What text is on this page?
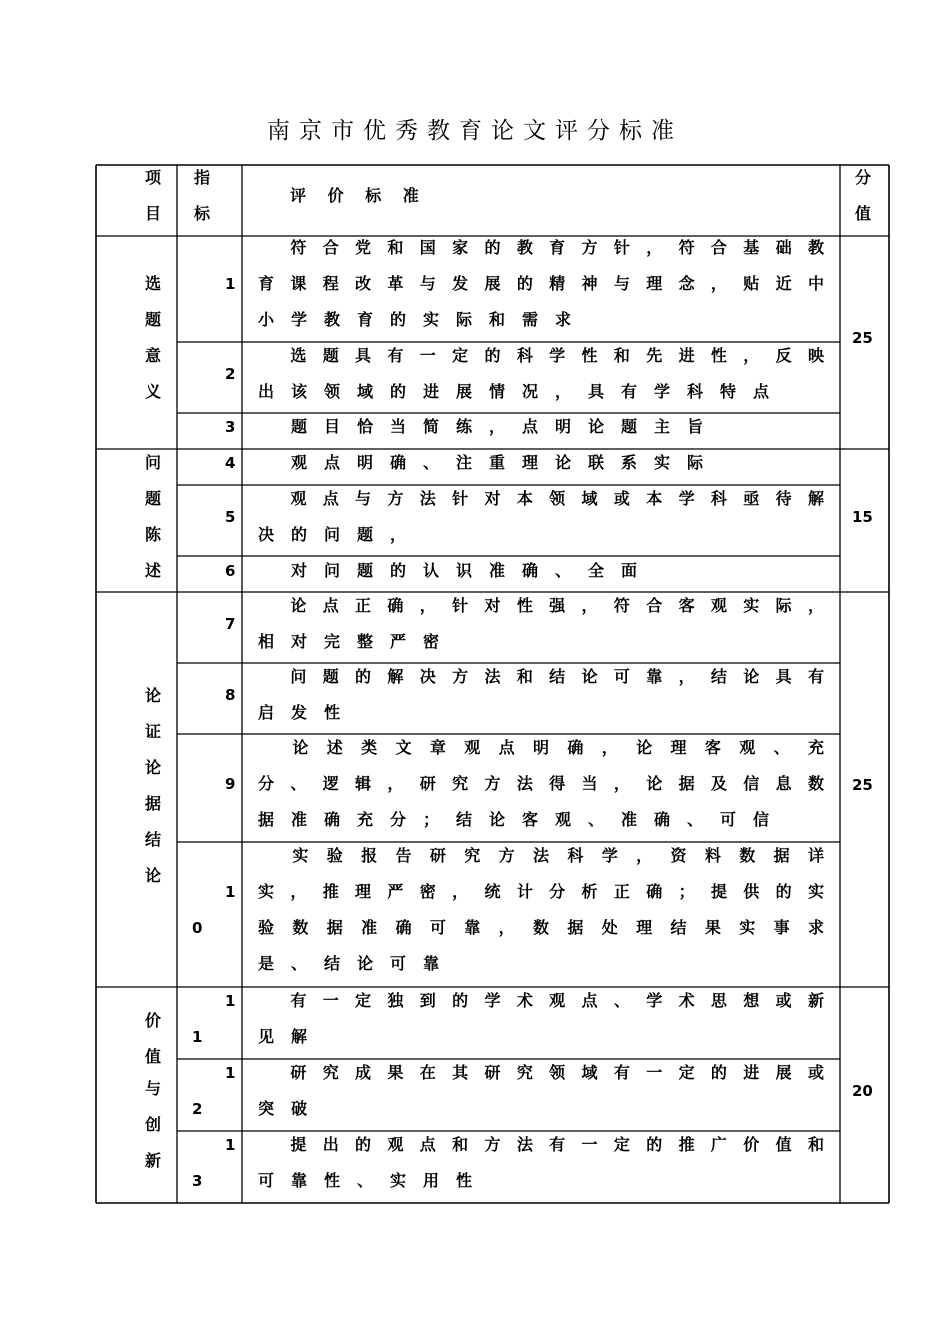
南京市优秀教育论文评分标准
项
目
指
标
评 价 标 准
分
值
选
题
意
义
25
1
　符合党和国家的教育方针，符合基础教
育课程改革与发展的精神与理念，贴近中
小学教育的实际和需求
2
　选题具有一定的科学性和先进性，反映
出该领域的进展情况，具有学科特点
3 　题目恰当简练，点明论题主旨
问
题
陈
述
15
4 　观点明确、注重理论联系实际
5
　观点与方法针对本领域或本学科亟待解
决的问题，
6 　对问题的认识准确、全面
论
证
论
据
结
论
25
7
　论点正确，针对性强，符合客观实际，
相对完整严密
8
　问题的解决方法和结论可靠，结论具有
启发性
9
　论述类文章观点明确，论理客观、充
分、逻辑，研究方法得当，论据及信息数
据准确充分；结论客观、准确、可信
1
0
　实验报告研究方法科学，资料数据详
实，推理严密，统计分析正确；提供的实
验数据准确可靠，数据处理结果实事求
是、结论可靠
价
值
与
创
新
20
1
1
　有一定独到的学术观点、学术思想或新
见解
1
2
　研究成果在其研究领域有一定的进展或
突破
1
3
　提出的观点和方法有一定的推广价值和
可靠性、实用性
